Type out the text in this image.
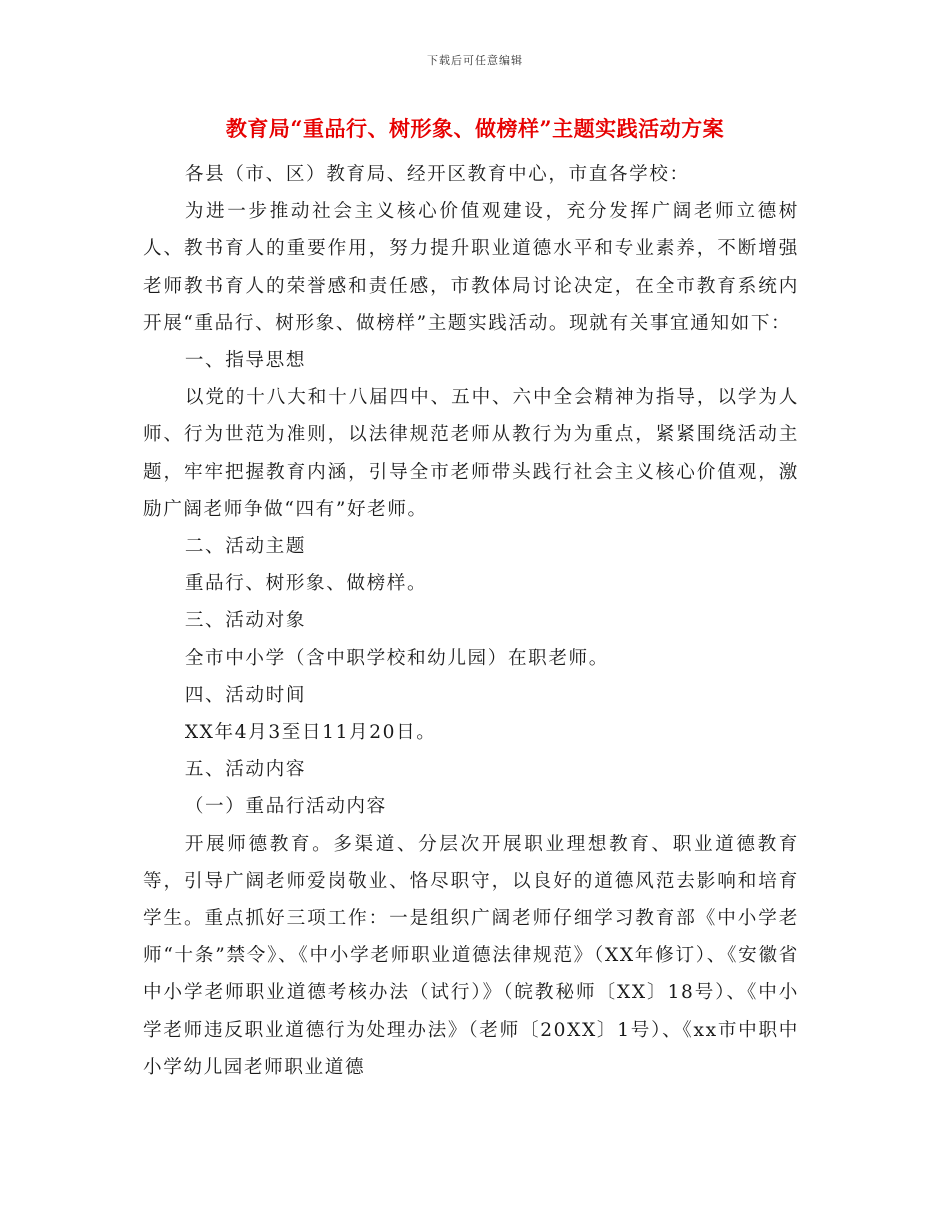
下载后可任意编辑
教育局“重品行、树形象、做榜样”主题实践活动方案

各县（市、区）教育局、经开区教育中心，市直各学校：

为进一步推动社会主义核心价值观建设，充分发挥广阔老师立德树人、教书育人的重要作用，努力提升职业道德水平和专业素养，不断增强老师教书育人的荣誉感和责任感，市教体局讨论决定，在全市教育系统内开展“重品行、树形象、做榜样”主题实践活动。现就有关事宜通知如下：

一、指导思想

以党的十八大和十八届四中、五中、六中全会精神为指导，以学为人师、行为世范为准则，以法律规范老师从教行为为重点，紧紧围绕活动主题，牢牢把握教育内涵，引导全市老师带头践行社会主义核心价值观，激励广阔老师争做“四有”好老师。

二、活动主题

重品行、树形象、做榜样。

三、活动对象

全市中小学（含中职学校和幼儿园）在职老师。

四、活动时间

XX年4月3至日11月20日。

五、活动内容

（一）重品行活动内容

开展师德教育。多渠道、分层次开展职业理想教育、职业道德教育等，引导广阔老师爱岗敬业、恪尽职守，以良好的道德风范去影响和培育学生。重点抓好三项工作：一是组织广阔老师仔细学习教育部《中小学老师“十条”禁令》、《中小学老师职业道德法律规范》（XX年修订）、《安徽省中小学老师职业道德考核办法（试行）》（皖教秘师〔XX〕18号）、《中小学老师违反职业道德行为处理办法》（老师〔20XX〕1号）、《xx市中职中小学幼儿园老师职业道德
